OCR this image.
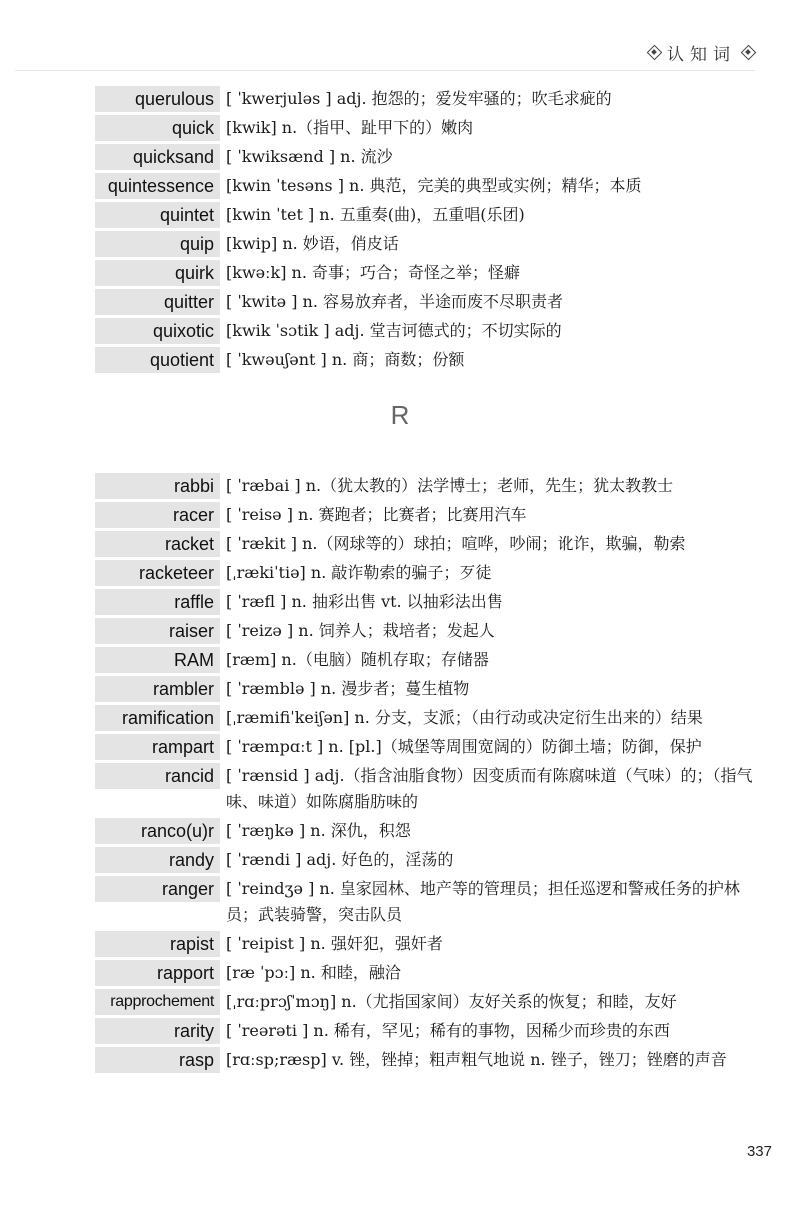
认知词
querulous [ ˈkwerjuləs ] adj. 抱怨的；爱发牢骚的；吹毛求疵的
quick [kwik] n.（指甲、趾甲下的）嫩肉
quicksand [ ˈkwiksænd ] n. 流沙
quintessence [kwin ˈtesəns ] n. 典范，完美的典型或实例；精华；本质
quintet [kwin ˈtet ] n. 五重奏(曲)，五重唱(乐团)
quip [kwip] n. 妙语，俏皮话
quirk [kwəːk] n. 奇事；巧合；奇怪之举；怪癖
quitter [ ˈkwitə ] n. 容易放弃者，半途而废不尽职责者
quixotic [kwik ˈsɔtik ] adj. 堂吉诃德式的；不切实际的
quotient [ ˈkwəuʃənt ] n. 商；商数；份额
R
rabbi [ ˈræbai ] n.（犹太教的）法学博士；老师，先生；犹太教教士
racer [ ˈreisə ] n. 赛跑者；比赛者；比赛用汽车
racket [ ˈrækit ] n.（网球等的）球拍；喧哗，吵闹；讹诈，欺骗，勒索
racketeer [ˌrækiˈtiə] n. 敲诈勒索的骗子；歹徒
raffle [ ˈræfl ] n. 抽彩出售 vt. 以抽彩法出售
raiser [ ˈreizə ] n. 饲养人；栽培者；发起人
RAM [ræm] n.（电脑）随机存取；存储器
rambler [ ˈræmblə ] n. 漫步者；蔓生植物
ramification [ˌræmifiˈkeiʃən] n. 分支，支派；（由行动或决定衍生出来的）结果
rampart [ ˈræmpɑːt ] n. [pl.]（城堡等周围宽阔的）防御土墙；防御，保护
rancid [ ˈrænsid ] adj.（指含油脂食物）因变质而有陈腐味道（气味）的；（指气味、味道）如陈腐脂肪味的
ranco(u)r [ ˈræŋkə ] n. 深仇，积怨
randy [ ˈrændi ] adj. 好色的，淫荡的
ranger [ ˈreindʒə ] n. 皇家园林、地产等的管理员；担任巡逻和警戒任务的护林员；武装骑警，突击队员
rapist [ ˈreipist ] n. 强奸犯，强奸者
rapport [ræ ˈpɔː] n. 和睦，融洽
rapprochement [ˌrɑːprɔʃˈmɔŋ] n.（尤指国家间）友好关系的恢复；和睦，友好
rarity [ ˈreərəti ] n. 稀有，罕见；稀有的事物，因稀少而珍贵的东西
rasp [rɑːsp;ræsp] v. 锉，锉掉；粗声粗气地说 n. 锉子，锉刀；锉磨的声音
337
